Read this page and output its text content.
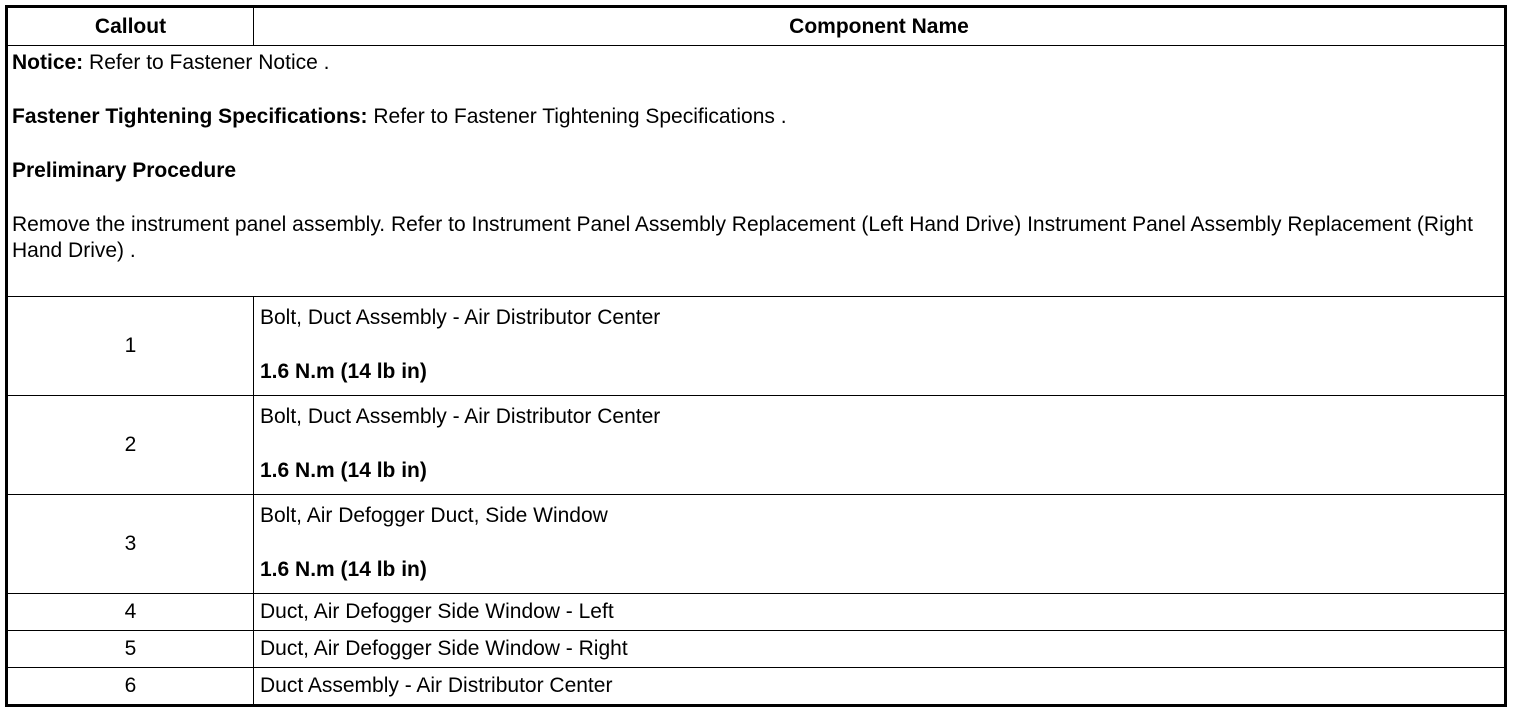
Callout	Component Name

Notice: Refer to Fastener Notice .

Fastener Tightening Specifications: Refer to Fastener Tightening Specifications .

Preliminary Procedure

Remove the instrument panel assembly. Refer to Instrument Panel Assembly Replacement (Left Hand Drive) Instrument Panel Assembly Replacement (Right Hand Drive) .	

1	Bolt, Duct Assembly - Air Distributor Center
1.6 N.m (14 lb in)

2	Bolt, Duct Assembly - Air Distributor Center
1.6 N.m (14 lb in)

3	Bolt, Air Defogger Duct, Side Window
1.6 N.m (14 lb in)

4	Duct, Air Defogger Side Window - Left
5	Duct, Air Defogger Side Window - Right
6	Duct Assembly - Air Distributor Center
